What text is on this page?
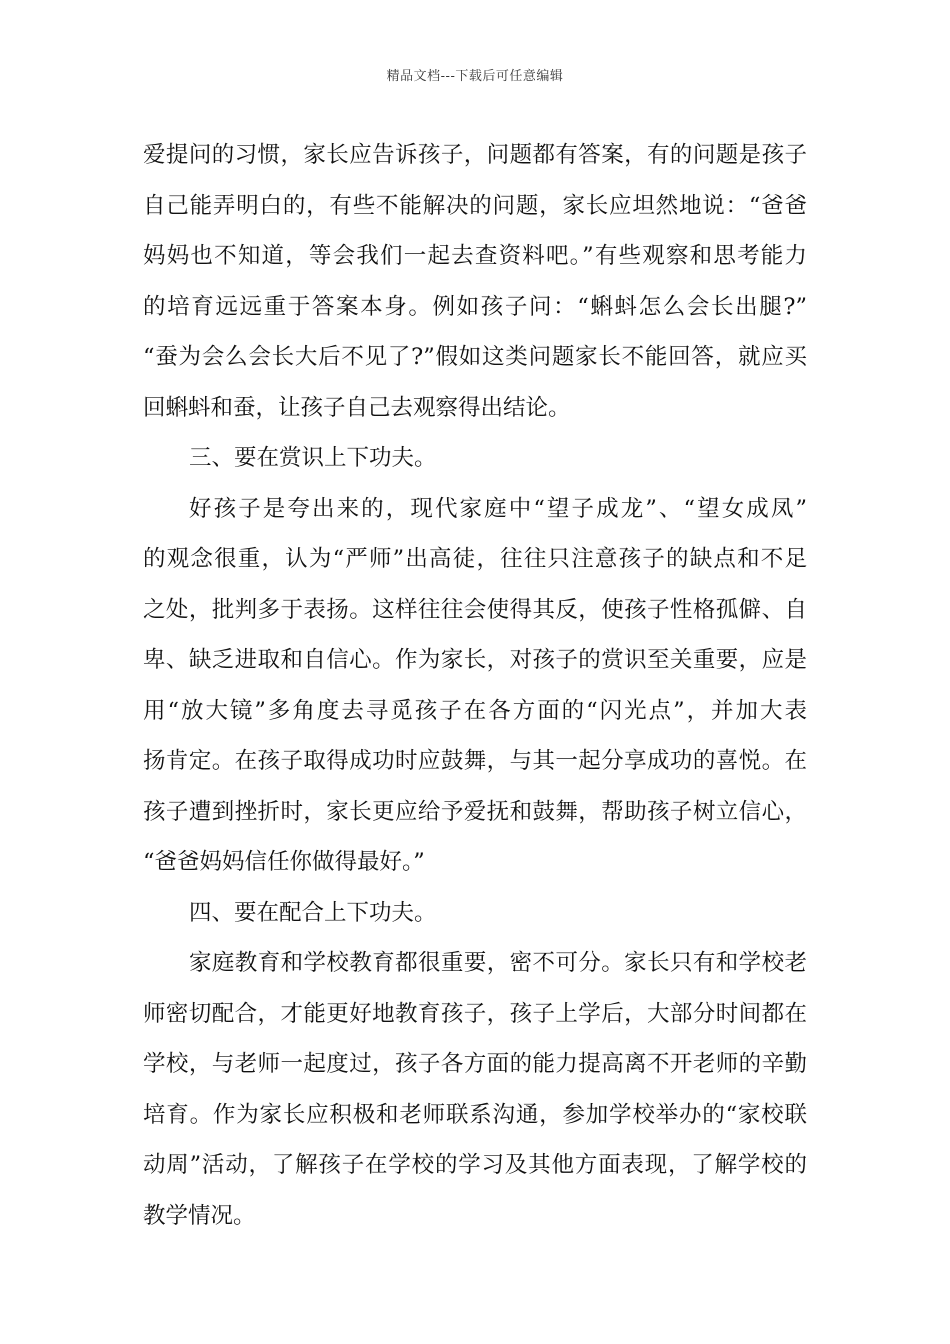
精品文档---下载后可任意编辑
爱提问的习惯，家长应告诉孩子，问题都有答案，有的问题是孩子
自己能弄明白的，有些不能解决的问题，家长应坦然地说：“爸爸
妈妈也不知道，等会我们一起去查资料吧。”有些观察和思考能力
的培育远远重于答案本身。例如孩子问：“蝌蚪怎么会长出腿?”
“蚕为会么会长大后不见了?”假如这类问题家长不能回答，就应买
回蝌蚪和蚕，让孩子自己去观察得出结论。
三、要在赏识上下功夫。
好孩子是夸出来的，现代家庭中“望子成龙”、“望女成凤”
的观念很重，认为“严师”出高徒，往往只注意孩子的缺点和不足
之处，批判多于表扬。这样往往会使得其反，使孩子性格孤僻、自
卑、缺乏进取和自信心。作为家长，对孩子的赏识至关重要，应是
用“放大镜”多角度去寻觅孩子在各方面的“闪光点”，并加大表
扬肯定。在孩子取得成功时应鼓舞，与其一起分享成功的喜悦。在
孩子遭到挫折时，家长更应给予爱抚和鼓舞，帮助孩子树立信心，
“爸爸妈妈信任你做得最好。”
四、要在配合上下功夫。
家庭教育和学校教育都很重要，密不可分。家长只有和学校老
师密切配合，才能更好地教育孩子，孩子上学后，大部分时间都在
学校，与老师一起度过，孩子各方面的能力提高离不开老师的辛勤
培育。作为家长应积极和老师联系沟通，参加学校举办的“家校联
动周”活动，了解孩子在学校的学习及其他方面表现，了解学校的
教学情况。
